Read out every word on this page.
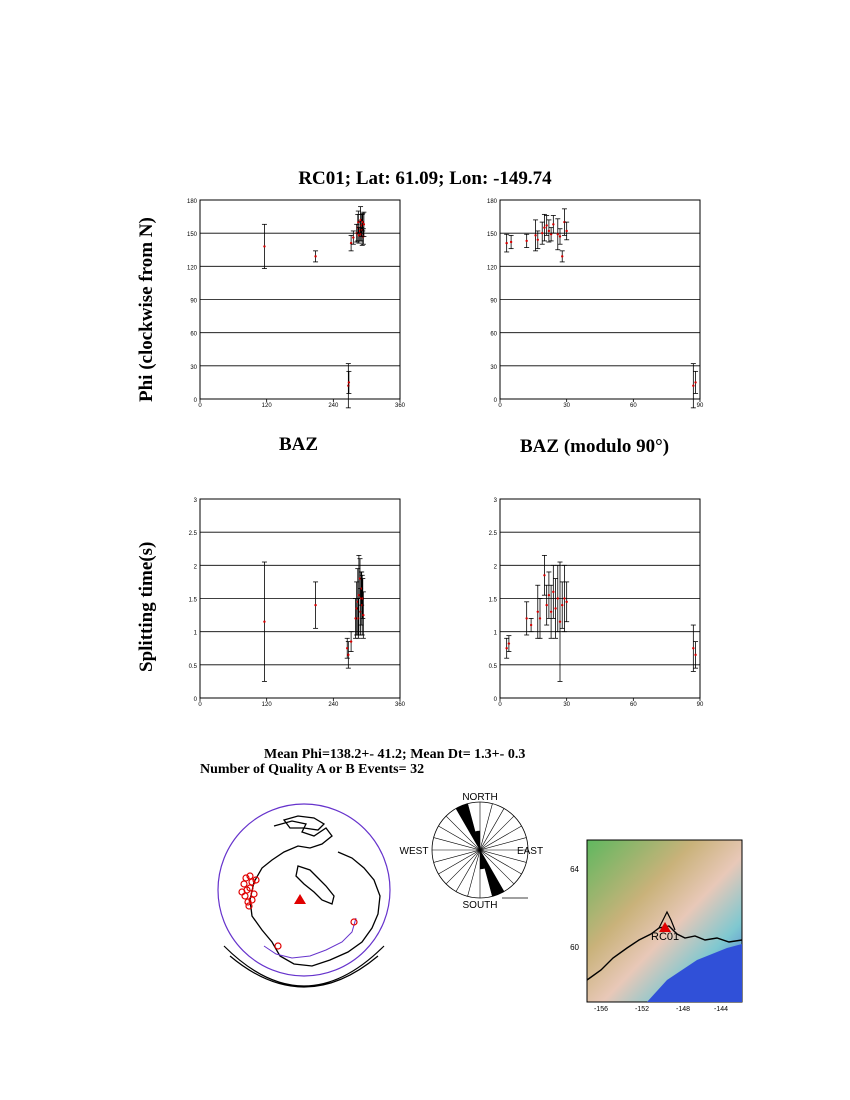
RC01; Lat: 61.09; Lon: -149.74
Phi (clockwise from N)
Splitting time(s)
BAZ	BAZ (modulo 90°)
0
30
60
90
120
150
180
0	120	240	360
0
30
60
90
120
150
180
0	30	60	90
0
0.5
1
1.5
2
2.5
3
0	120	240	360
0
0.5
1
1.5
2
2.5
3
0	30	60	90
Mean Phi=138.2+- 41.2; Mean Dt= 1.3+- 0.3
Number of Quality A or B Events= 32
NORTH
SOUTH
EAST
WEST
RC01
64
60
-156	-152	-148	-144
